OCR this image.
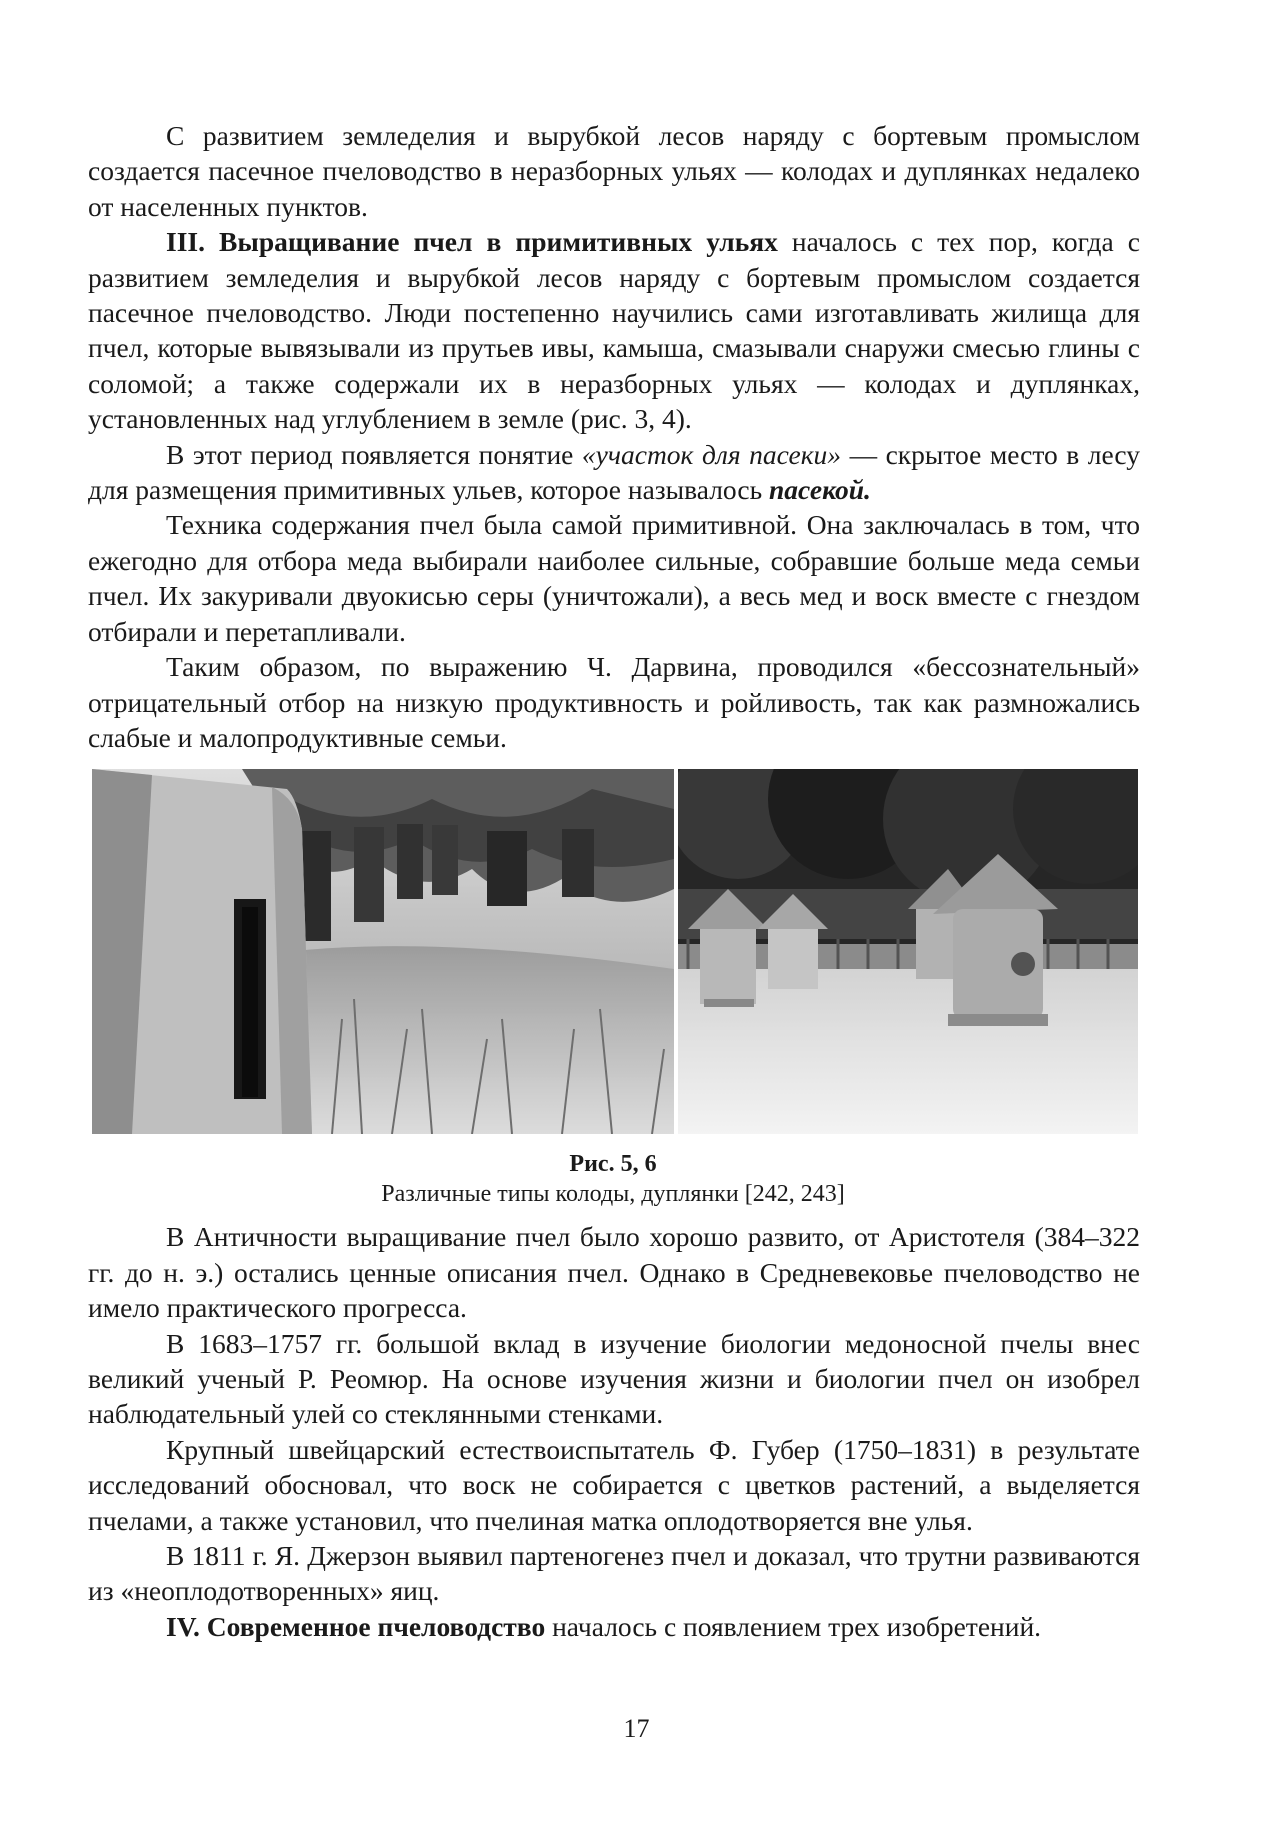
С развитием земледелия и вырубкой лесов наряду с бортевым промыслом создается пасечное пчеловодство в неразборных ульях — колодах и дуплянках недалеко от населенных пунктов.

III. Выращивание пчел в примитивных ульях началось с тех пор, когда с развитием земледелия и вырубкой лесов наряду с бортевым промыслом создается пасечное пчеловодство. Люди постепенно научились сами изготавливать жилища для пчел, которые вывязывали из прутьев ивы, камыша, смазывали снаружи смесью глины с соломой; а также содержали их в неразборных ульях — колодах и дуплянках, установленных над углублением в земле (рис. 3, 4).

В этот период появляется понятие «участок для пасеки» — скрытое место в лесу для размещения примитивных ульев, которое называлось пасекой.

Техника содержания пчел была самой примитивной. Она заключалась в том, что ежегодно для отбора меда выбирали наиболее сильные, собравшие больше меда семьи пчел. Их закуривали двуокисью серы (уничтожали), а весь мед и воск вместе с гнездом отбирали и перетапливали.

Таким образом, по выражению Ч. Дарвина, проводился «бессознательный» отрицательный отбор на низкую продуктивность и ройливость, так как размножались слабые и малопродуктивные семьи.

Рис. 5, 6
Различные типы колоды, дуплянки [242, 243]

В Античности выращивание пчел было хорошо развито, от Аристотеля (384–322 гг. до н. э.) остались ценные описания пчел. Однако в Средневековье пчеловодство не имело практического прогресса.

В 1683–1757 гг. большой вклад в изучение биологии медоносной пчелы внес великий ученый Р. Реомюр. На основе изучения жизни и биологии пчел он изобрел наблюдательный улей со стеклянными стенками.

Крупный швейцарский естествоиспытатель Ф. Губер (1750–1831) в результате исследований обосновал, что воск не собирается с цветков растений, а выделяется пчелами, а также установил, что пчелиная матка оплодотворяется вне улья.

В 1811 г. Я. Джерзон выявил партеногенез пчел и доказал, что трутни развиваются из «неоплодотворенных» яиц.

IV. Современное пчеловодство началось с появлением трех изобретений.

17
